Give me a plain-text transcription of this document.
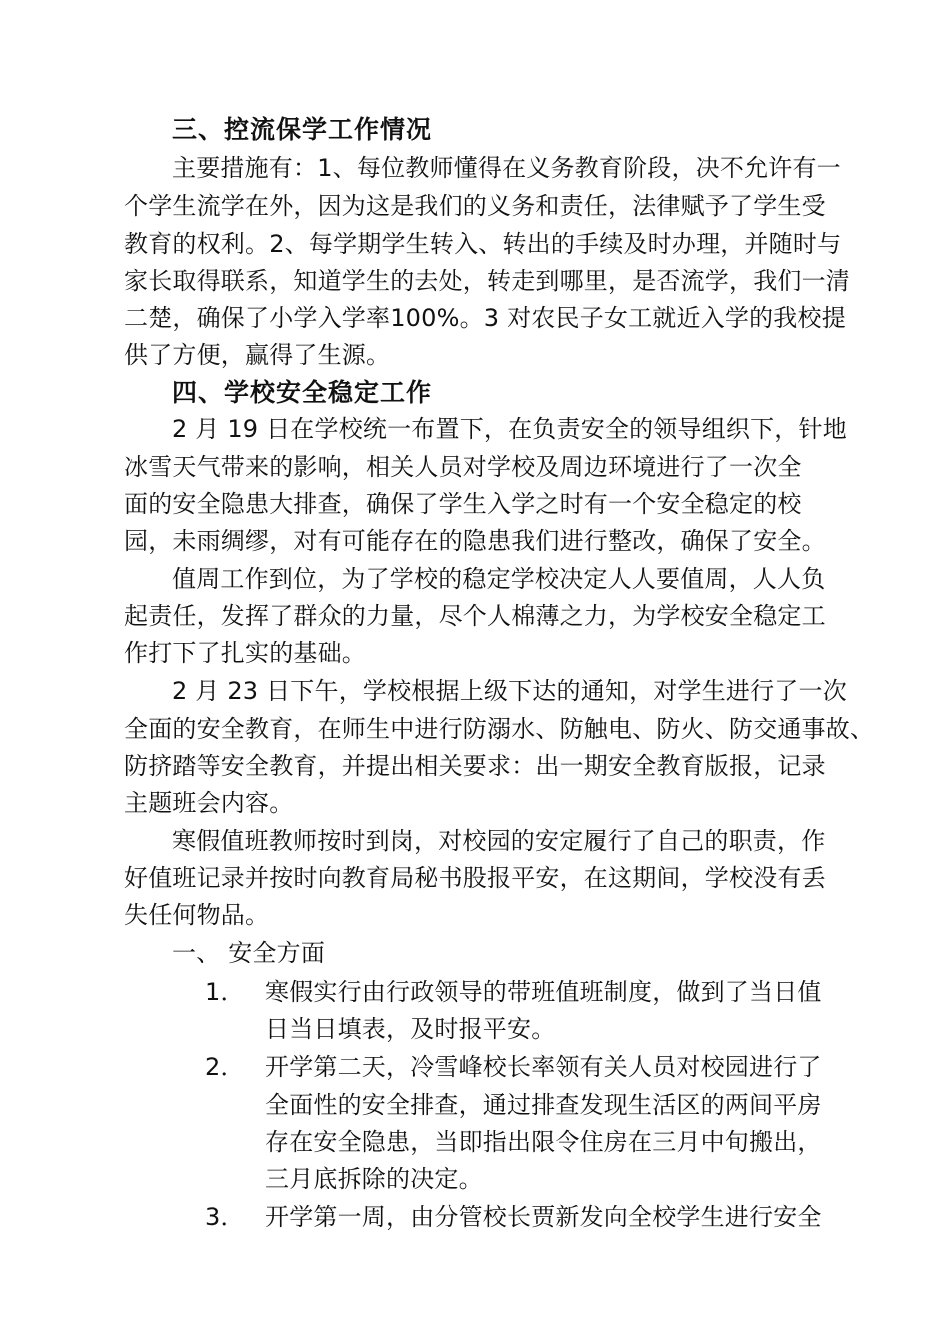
三、控流保学工作情况
主要措施有：1、每位教师懂得在义务教育阶段，决不允许有一
个学生流学在外，因为这是我们的义务和责任，法律赋予了学生受
教育的权利。2、每学期学生转入、转出的手续及时办理，并随时与
家长取得联系，知道学生的去处，转走到哪里，是否流学，我们一清
二楚，确保了小学入学率100%。3 对农民子女工就近入学的我校提
供了方便，赢得了生源。
四、学校安全稳定工作
2 月 19 日在学校统一布置下，在负责安全的领导组织下，针地
冰雪天气带来的影响，相关人员对学校及周边环境进行了一次全
面的安全隐患大排查，确保了学生入学之时有一个安全稳定的校
园，未雨绸缪，对有可能存在的隐患我们进行整改，确保了安全。
值周工作到位，为了学校的稳定学校决定人人要值周，人人负
起责任，发挥了群众的力量，尽个人棉薄之力，为学校安全稳定工
作打下了扎实的基础。
2 月 23 日下午，学校根据上级下达的通知，对学生进行了一次
全面的安全教育，在师生中进行防溺水、防触电、防火、防交通事故、
防挤踏等安全教育，并提出相关要求：出一期安全教育版报，记录
主题班会内容。
寒假值班教师按时到岗，对校园的安定履行了自己的职责，作
好值班记录并按时向教育局秘书股报平安，在这期间，学校没有丢
失任何物品。
一、 安全方面
1． 寒假实行由行政领导的带班值班制度，做到了当日值
日当日填表，及时报平安。
2． 开学第二天，冷雪峰校长率领有关人员对校园进行了
全面性的安全排查，通过排查发现生活区的两间平房
存在安全隐患，当即指出限令住房在三月中旬搬出，
三月底拆除的决定。
3． 开学第一周，由分管校长贾新发向全校学生进行安全
